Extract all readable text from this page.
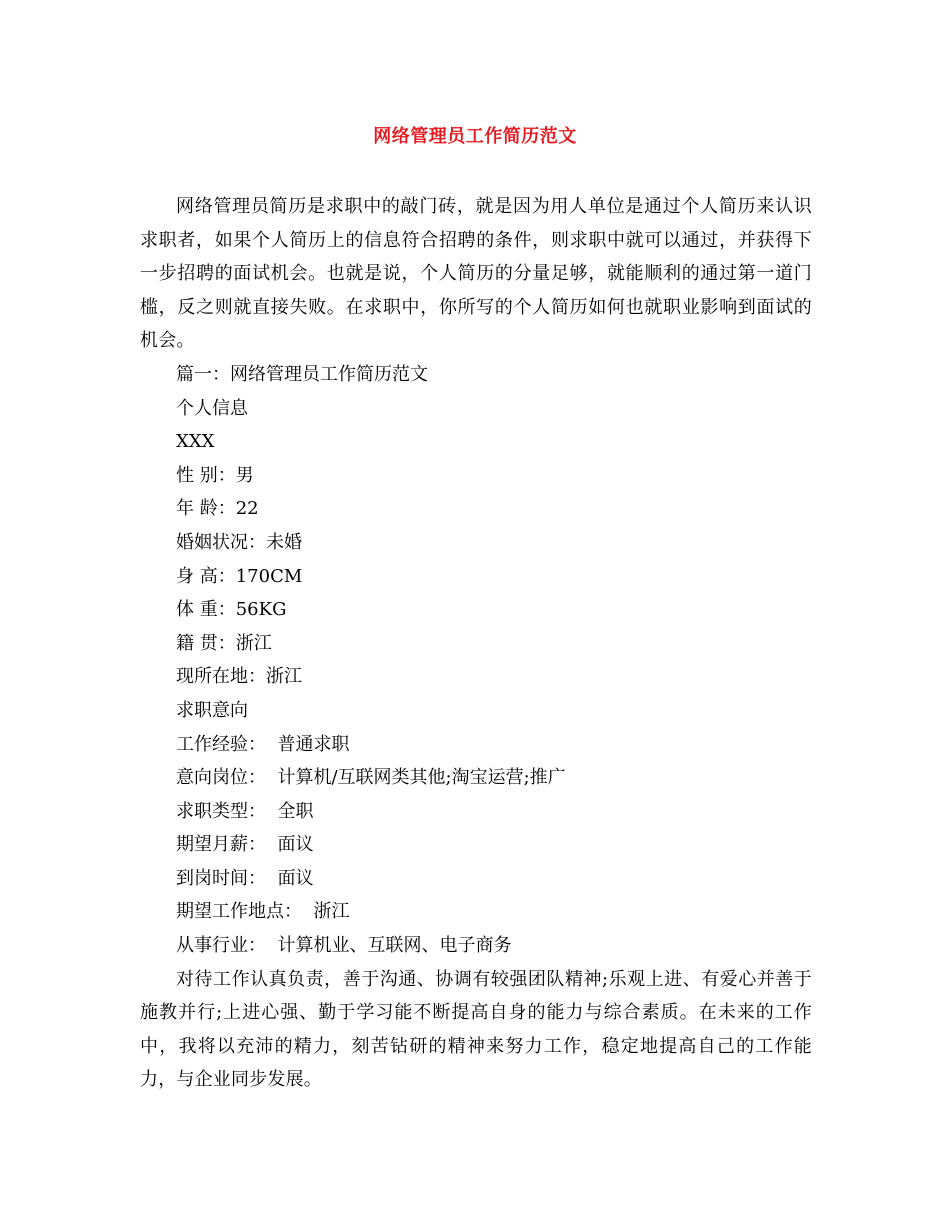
网络管理员工作简历范文

网络管理员简历是求职中的敲门砖，就是因为用人单位是通过个人简历来认识求职者，如果个人简历上的信息符合招聘的条件，则求职中就可以通过，并获得下一步招聘的面试机会。也就是说，个人简历的分量足够，就能顺利的通过第一道门槛，反之则就直接失败。在求职中，你所写的个人简历如何也就职业影响到面试的机会。

篇一：网络管理员工作简历范文

个人信息

XXX

性 别：男

年 龄：22

婚姻状况：未婚

身 高：170CM

体 重：56KG

籍 贯：浙江

现所在地：浙江

求职意向

工作经验：  普通求职

意向岗位：  计算机/互联网类其他;淘宝运营;推广

求职类型：  全职

期望月薪：  面议

到岗时间：  面议

期望工作地点：  浙江

从事行业：  计算机业、互联网、电子商务

对待工作认真负责，善于沟通、协调有较强团队精神;乐观上进、有爱心并善于施教并行;上进心强、勤于学习能不断提高自身的能力与综合素质。在未来的工作中，我将以充沛的精力，刻苦钻研的精神来努力工作，稳定地提高自己的工作能力，与企业同步发展。
